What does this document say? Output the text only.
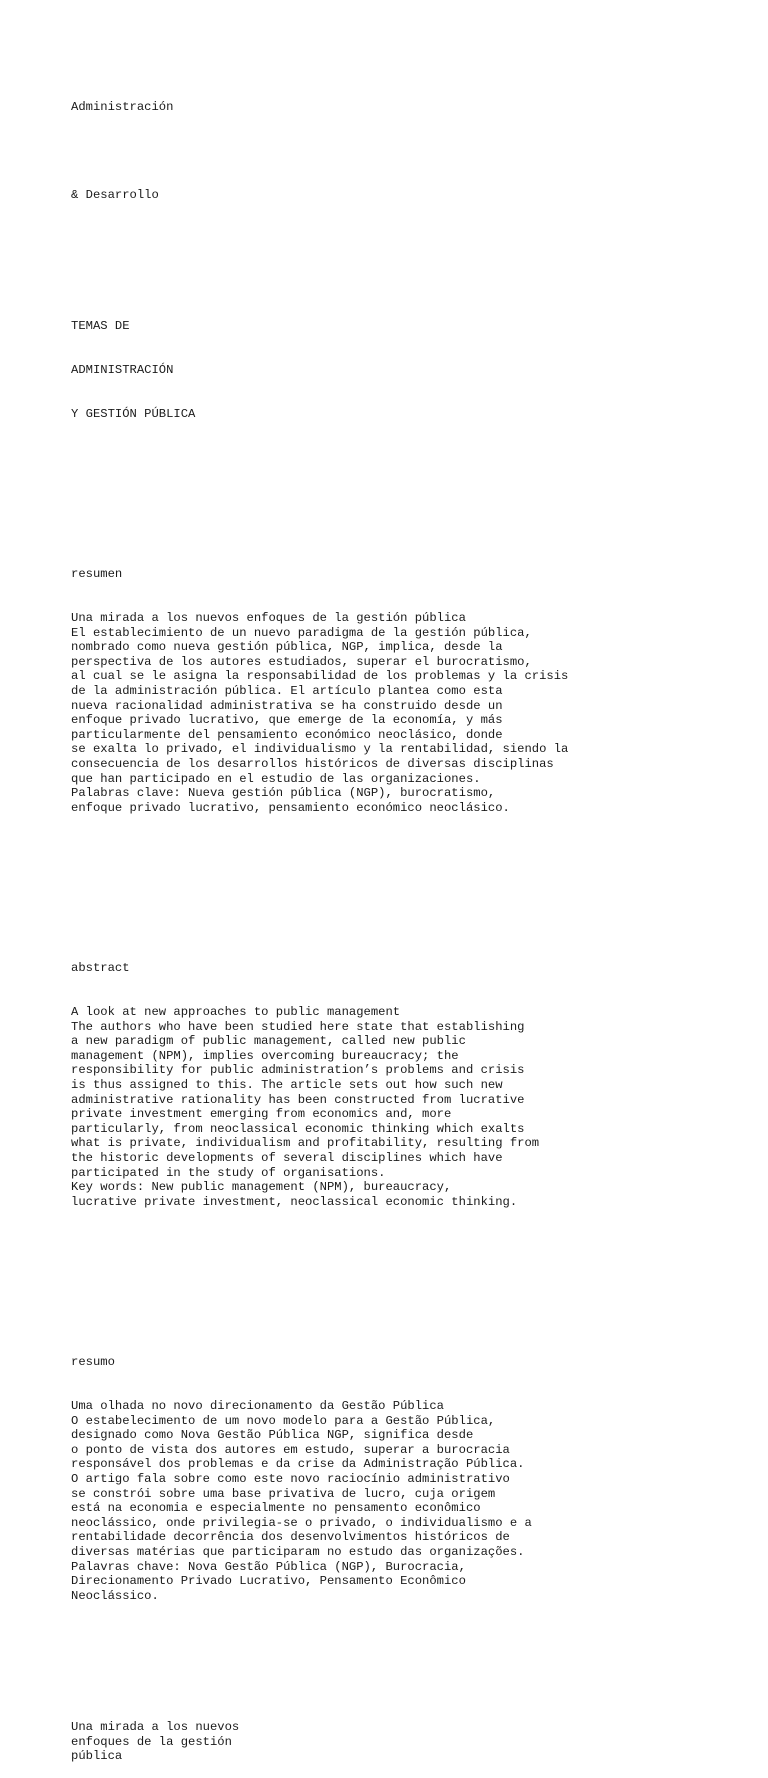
Administración

& Desarrollo

TEMAS DE

ADMINISTRACIÓN

Y GESTIÓN PÚBLICA

resumen

Una mirada a los nuevos enfoques de la gestión pública
El establecimiento de un nuevo paradigma de la gestión pública,
nombrado como nueva gestión pública, NGP, implica, desde la
perspectiva de los autores estudiados, superar el burocratismo,
al cual se le asigna la responsabilidad de los problemas y la crisis
de la administración pública. El artículo plantea como esta
nueva racionalidad administrativa se ha construido desde un
enfoque privado lucrativo, que emerge de la economía, y más
particularmente del pensamiento económico neoclásico, donde
se exalta lo privado, el individualismo y la rentabilidad, siendo la
consecuencia de los desarrollos históricos de diversas disciplinas
que han participado en el estudio de las organizaciones.
Palabras clave: Nueva gestión pública (NGP), burocratismo,
enfoque privado lucrativo, pensamiento económico neoclásico.

abstract

A look at new approaches to public management
The authors who have been studied here state that establishing
a new paradigm of public management, called new public
management (NPM), implies overcoming bureaucracy; the
responsibility for public administration’s problems and crisis
is thus assigned to this. The article sets out how such new
administrative rationality has been constructed from lucrative
private investment emerging from economics and, more
particularly, from neoclassical economic thinking which exalts
what is private, individualism and profitability, resulting from
the historic developments of several disciplines which have
participated in the study of organisations.
Key words: New public management (NPM), bureaucracy,
lucrative private investment, neoclassical economic thinking.

resumo

Uma olhada no novo direcionamento da Gestão Pública
O estabelecimento de um novo modelo para a Gestão Pública,
designado como Nova Gestão Pública NGP, significa desde
o ponto de vista dos autores em estudo, superar a burocracia
responsável dos problemas e da crise da Administração Pública.
O artigo fala sobre como este novo raciocínio administrativo
se constrói sobre uma base privativa de lucro, cuja origem
está na economia e especialmente no pensamento econômico
neoclássico, onde privilegia-se o privado, o individualismo e a
rentabilidade decorrência dos desenvolvimentos históricos de
diversas matérias que participaram no estudo das organizações.
Palavras chave: Nova Gestão Pública (NGP), Burocracia,
Direcionamento Privado Lucrativo, Pensamento Econômico
Neoclássico.

Una mirada a los nuevos
enfoques de la gestión
pública
